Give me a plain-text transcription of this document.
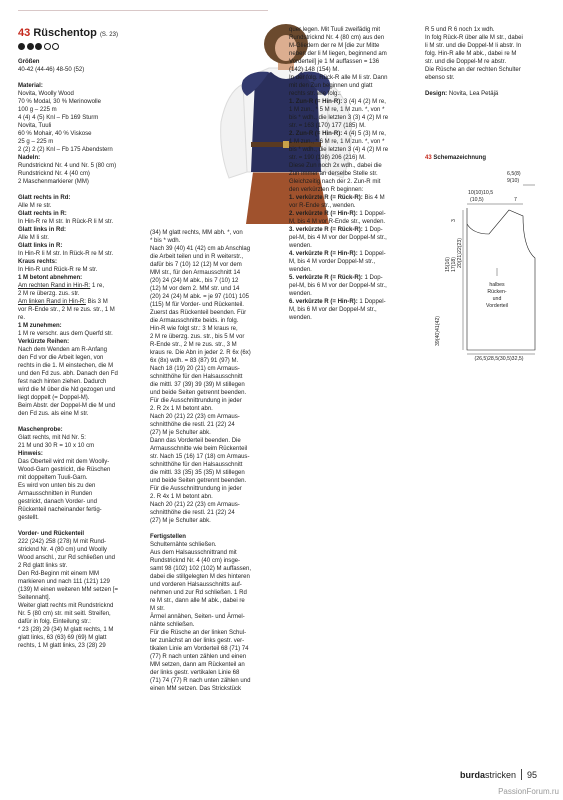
43 Rüschentop (S. 23)

Größen

40-42 (44-46) 48-50 (52)

Material:

Novita, Woolly Wood

70 % Modal, 30 % Merinowolle

100 g – 225 m

4 (4) 4 (5) Knl – Fb 169 Sturm

Novita, Tuuli

60 % Mohair, 40 % Viskose

25 g – 225 m

2 (2) 2 (2) Knl – Fb 175 Abendstern

Nadeln:

Rundstricknd Nr. 4 und Nr. 5 (80 cm)

Rundstricknd Nr. 4 (40 cm)

2 Maschenmarkierer (MM)

Glatt rechts in Rd:

Alle M re str.

Glatt rechts in R:

In Hin-R re M str. In Rück-R li M str.

Glatt links in Rd:

Alle M li str.

Glatt links in R:

In Hin-R li M str. In Rück-R re M str.

Kraus rechts:

In Hin-R und Rück-R re M str.

1 M betont abnehmen:

Am rechten Rand in Hin-R: 1 re,

2 M re überzg. zus. str.

Am linken Rand in Hin-R: Bis 3 M

vor R-Ende str., 2 M re zus. str., 1 M

re.

1 M zunehmen:

1 M re verschr. aus dem Querfd str.

Verkürzte Reihen:

Nach dem Wenden am R-Anfang

den Fd vor die Arbeit legen, von

rechts in die 1. M einstechen, die M

und den Fd zus. abh. Danach den Fd

fest nach hinten ziehen. Dadurch

wird die M über die Nd gezogen und

liegt doppelt (= Doppel-M).

Beim Abstr. der Doppel-M die M und

den Fd zus. als eine M str.

Maschenprobe:

Glatt rechts, mit Nd Nr. 5:

21 M und 30 R = 10 x 10 cm

Hinweis:

Das Oberteil wird mit dem Woolly-

Wood-Garn gestrickt, die Rüschen

mit doppeltem Tuuli-Garn.

Es wird von unten bis zu den

Armausschnitten in Runden

gestrickt, danach Vorder- und

Rückenteil nacheinander fertig-

gestellt.

Vorder- und Rückenteil

222 (242) 258 (278) M mit Rund-

stricknd Nr. 4 (80 cm) und Woolly

Wood anschl., zur Rd schließen und

2 Rd glatt links str.

Den Rd-Beginn mit einem MM

markieren und nach 111 (121) 129

(139) M einen weiteren MM setzen [=

Seitennaht].

Weiter glatt rechts mit Rundstricknd

Nr. 5 (80 cm) str. mit seitl. Streifen,

dafür in folg. Einteilung str.:

* 23 (28) 29 (34) M glatt rechts, 1 M

glatt links, 63 (63) 69 (69) M glatt

rechts, 1 M glatt links, 23 (28) 29

(34) M glatt rechts, MM abh. *, von

* bis * wdh.

Nach 39 (40) 41 (42) cm ab Anschlag

die Arbeit teilen und in R weiterstr.,

dafür bis 7 (10) 12 (12) M vor dem

MM str., für den Armausschnitt 14

(20) 24 (24) M abk., bis 7 (10) 12

(12) M vor dem 2. MM str. und 14

(20) 24 (24) M abk. = je 97 (101) 105

(115) M für Vorder- und Rückenteil.

Zuerst das Rückenteil beenden. Für

die Armausschnitte beids. in folg.

Hin-R wie folgt str.: 3 M kraus re,

2 M re überzg. zus. str., bis 5 M vor

R-Ende str., 2 M re zus. str., 3 M

kraus re. Die Abn in jeder 2. R 6x (6x)

6x (8x) wdh. = 83 (87) 91 (97) M.

Nach 18 (19) 20 (21) cm Armaus-

schnitthöhe für den Halsausschnitt

die mittl. 37 (39) 39 (39) M stillegen

und beide Seiten getrennt beenden.

Für die Ausschnittrundung in jeder

2. R 2x 1 M betont abn.

Nach 20 (21) 22 (23) cm Armaus-

schnitthöhe die restl. 21 (22) 24

(27) M je Schulter abk.

Dann das Vorderteil beenden. Die

Armausschnitte wie beim Rückenteil

str. Nach 15 (16) 17 (18) cm Armaus-

schnitthöhe für den Halsausschnitt

die mittl. 33 (35) 35 (35) M stillegen

und beide Seiten getrennt beenden.

Für die Ausschnittrundung in jeder

2. R 4x 1 M betont abn.

Nach 20 (21) 22 (23) cm Armaus-

schnitthöhe die restl. 21 (22) 24

(27) M je Schulter abk.

Fertigstellen

Schulternähte schließen.

Aus dem Halsausschnittrand mit

Rundstricknd Nr. 4 (40 cm) insge-

samt 98 (102) 102 (102) M auffassen,

dabei die stillgelegten M des hinteren

und vorderen Halsausschnitts auf-

nehmen und zur Rd schließen. 1 Rd

re M str., dann alle M abk., dabei re

M str.

Ärmel annähen, Seiten- und Ärmel-

nähte schließen.

Für die Rüsche an der linken Schul-

ter zunächst an der links gestr. ver-

tikalen Linie am Vorderteil 68 (71) 74

(77) R nach unten zählen und einen

MM setzen, dann am Rückenteil an

der links gestr. vertikalen Linie 68

(71) 74 (77) R nach unten zählen und

einen MM setzen. Das Strickstück

quer legen. Mit Tuuli zweifädig mit

Rundstricknd Nr. 4 (80 cm) aus den

M-Gliedern der re M [die zur Mitte

neben der li M liegen, beginnend am

Vorderteil] je 1 M auffassen = 136

(142) 148 (154) M.

In der folg. Rück-R alle M li str. Dann

mit den Zun beginnen und glatt

rechts str. wie folg.:

1. Zun-R (= Hin-R): 3 (4) 4 (2) M re,

1 M zun., * 5 M re, 1 M zun. *, von *

bis * wdh., die letzten 3 (3) 4 (2) M re

str. = 163 (170) 177 (185) M.

2. Zun-R (= Hin-R): 4 (4) 5 (3) M re,

1 M zun., * 6 M re, 1 M zun. *, von *

bis * wdh., die letzten 3 (4) 4 (2) M re

str. = 190 (198) 206 (216) M.

Diese Zun noch 2x wdh., dabei die

Zun immer an derselbe Stelle str.

Gleichzeitig nach der 2. Zun-R mit

den verkürzten R beginnen:

1. verkürzte R (= Rück-R): Bis 4 M

vor R-Ende str., wenden.

2. verkürzte R (= Hin-R): 1 Doppel-

M, bis 4 M vor R-Ende str., wenden.

3. verkürzte R (= Rück-R): 1 Dop-

pel-M, bis 4 M vor der Doppel-M str.,

wenden.

4. verkürzte R (= Hin-R): 1 Doppel-

M, bis 4 M vorder Doppel-M str.,

wenden.

5. verkürzte R (= Rück-R): 1 Dop-

pel-M, bis 6 M vor der Doppel-M str.,

wenden.

6. verkürzte R (= Hin-R): 1 Doppel-

M, bis 6 M vor der Doppel-M str.,

wenden.

R 5 und R 6 noch 1x wdh.

In folg Rück-R über alle M str., dabei

li M str. und die Doppel-M li abstr. In

folg. Hin-R alle M abk., dabei re M

str. und die Doppel-M re abstr.

Die Rüsche an der rechten Schulter

ebenso str.

Design: Novita, Lea Petäjä

43 Schemazeichnung
6,5(8)
9(10)
10(10)10,5
(10,5)	7
3
15(16) 17(18) 20(21)22(23)
39(40)41(42)
halbes
Rücken-
und
Vorderteil
(26,5)28,5(30,5)32,5)
burdastricken 95
PassionForum.ru
